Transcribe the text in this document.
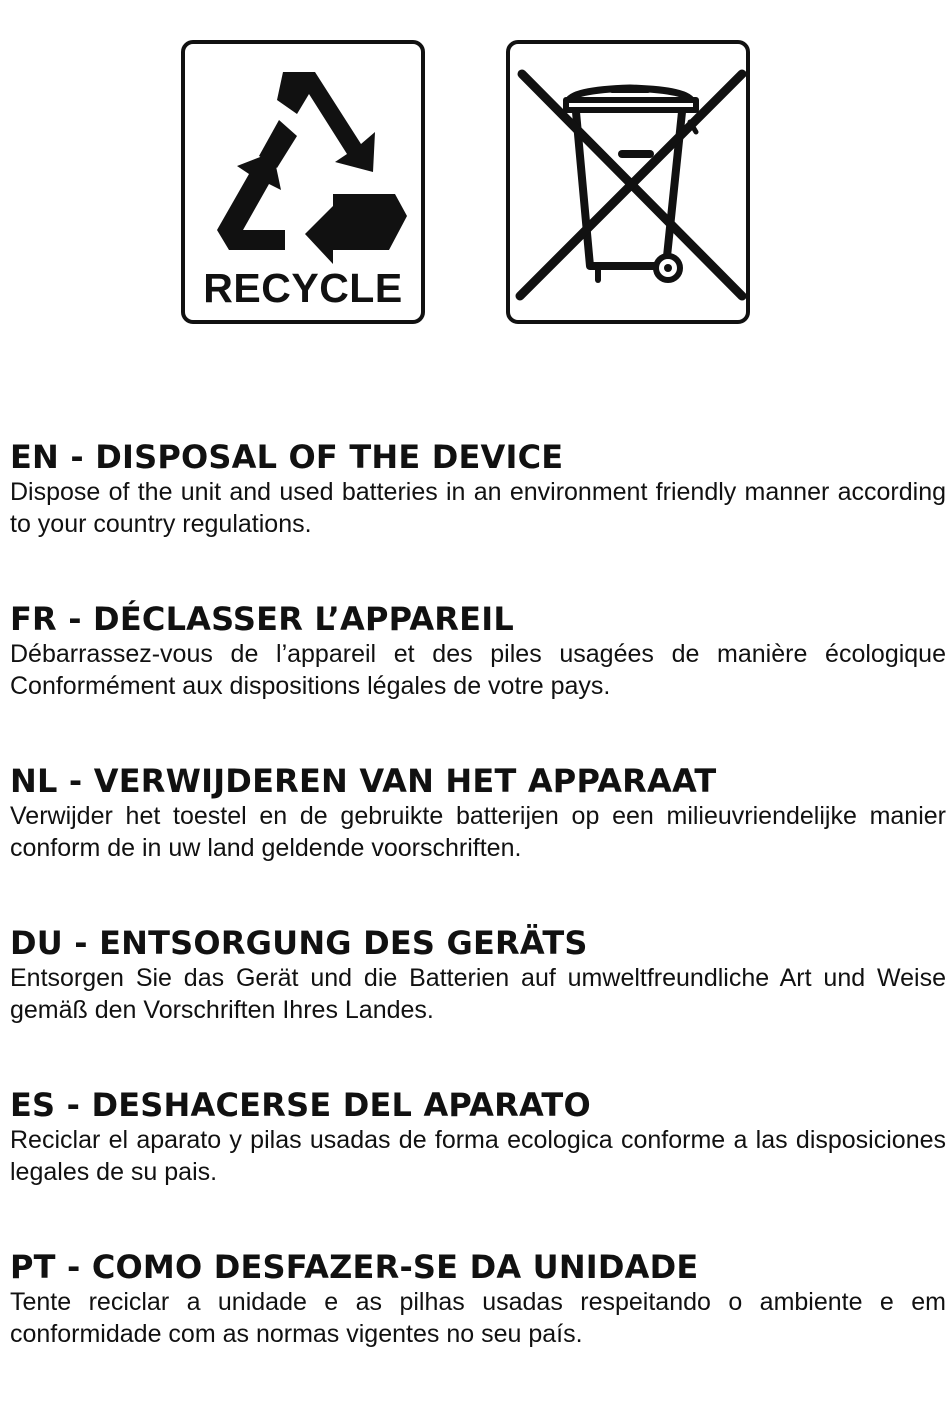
RECYCLE
EN - DISPOSAL OF THE DEVICE

Dispose of the unit and used batteries in an environment friendly manner according to your country regulations.

FR - DÉCLASSER L’APPAREIL

Débarrassez-vous de l’appareil et des piles usagées de manière écologique Conformément aux dispositions légales de votre pays.

NL - VERWIJDEREN VAN HET APPARAAT

Verwijder het toestel en de gebruikte batterijen op een milieuvriendelijke manier conform de in uw land geldende voorschriften.

DU - ENTSORGUNG DES GERÄTS

Entsorgen Sie das Gerät und die Batterien auf umweltfreundliche Art und Weise gemäß den Vorschriften Ihres Landes.

ES - DESHACERSE DEL APARATO

Reciclar el aparato y pilas usadas de forma ecologica conforme a las disposiciones legales de su pais.

PT - COMO DESFAZER-SE DA UNIDADE

Tente reciclar a unidade e as pilhas usadas respeitando o ambiente e em conformidade com as normas vigentes no seu país.
